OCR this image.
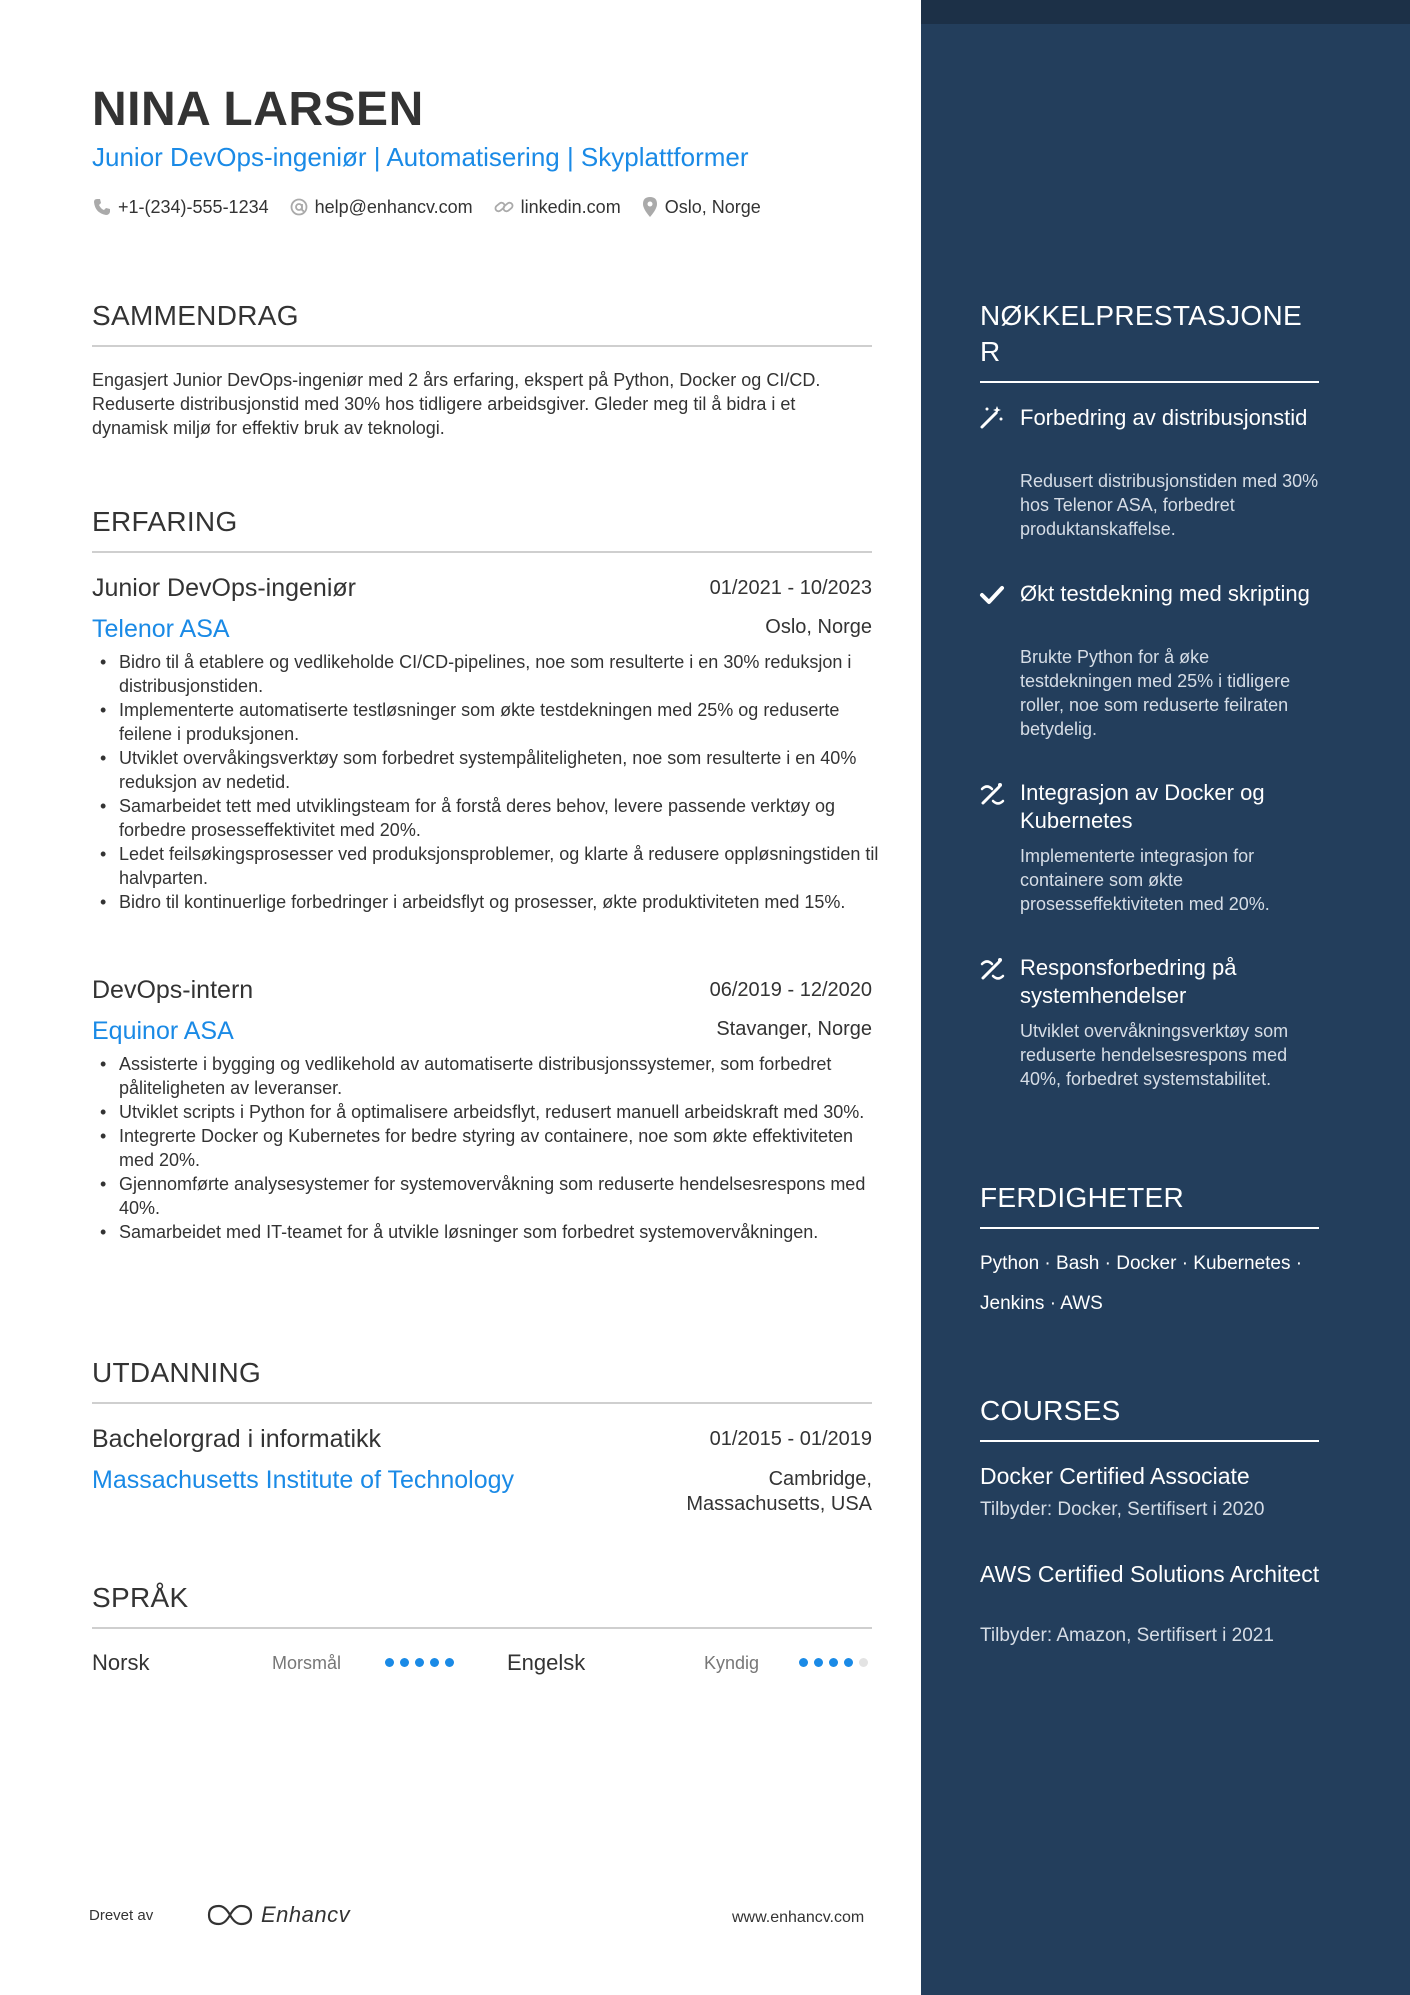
NINA LARSEN
Junior DevOps-ingeniør | Automatisering | Skyplattformer
+1-(234)-555-1234	help@enhancv.com	linkedin.com Oslo, Norge
SAMMENDRAG
Engasjert Junior DevOps-ingeniør med 2 års erfaring, ekspert på Python, Docker og CI/CD. Reduserte distribusjonstid med 30% hos tidligere arbeidsgiver. Gleder meg til å bidra i et dynamisk miljø for effektiv bruk av teknologi.
ERFARING
Junior DevOps-ingeniør	01/2021 - 10/2023
Telenor ASA	Oslo, Norge
• Bidro til å etablere og vedlikeholde CI/CD-pipelines, noe som resulterte i en 30% reduksjon i distribusjonstiden.
• Implementerte automatiserte testløsninger som økte testdekningen med 25% og reduserte feilene i produksjonen.
• Utviklet overvåkingsverktøy som forbedret systempåliteligheten, noe som resulterte i en 40% reduksjon av nedetid.
• Samarbeidet tett med utviklingsteam for å forstå deres behov, levere passende verktøy og forbedre prosesseffektivitet med 20%.
• Ledet feilsøkingsprosesser ved produksjonsproblemer, og klarte å redusere oppløsningstiden til halvparten.
• Bidro til kontinuerlige forbedringer i arbeidsflyt og prosesser, økte produktiviteten med 15%.
DevOps-intern	06/2019 - 12/2020
Equinor ASA	Stavanger, Norge
• Assisterte i bygging og vedlikehold av automatiserte distribusjonssystemer, som forbedret påliteligheten av leveranser.
• Utviklet scripts i Python for å optimalisere arbeidsflyt, redusert manuell arbeidskraft med 30%.
• Integrerte Docker og Kubernetes for bedre styring av containere, noe som økte effektiviteten med 20%.
• Gjennomførte analysesystemer for systemovervåkning som reduserte hendelsesrespons med 40%.
• Samarbeidet med IT-teamet for å utvikle løsninger som forbedret systemovervåkningen.
UTDANNING
Bachelorgrad i informatikk	01/2015 - 01/2019
Massachusetts Institute of Technology	Cambridge,
Massachusetts, USA
SPRÅK
Norsk	Morsmål	Engelsk	Kyndig
Drevet av	Enhancv	www.enhancv.com
NØKKELPRESTASJONE
R
Forbedring av distribusjonstid
Redusert distribusjonstiden med 30% hos Telenor ASA, forbedret produktanskaffelse.
Økt testdekning med skripting
Brukte Python for å øke testdekningen med 25% i tidligere roller, noe som reduserte feilraten betydelig.
Integrasjon av Docker og Kubernetes
Implementerte integrasjon for containere som økte prosesseffektiviteten med 20%.
Responsforbedring på systemhendelser
Utviklet overvåkningsverktøy som reduserte hendelsesrespons med 40%, forbedret systemstabilitet.
FERDIGHETER
Python · Bash · Docker · Kubernetes ·
Jenkins · AWS
COURSES
Docker Certified Associate
Tilbyder: Docker, Sertifisert i 2020
AWS Certified Solutions Architect
Tilbyder: Amazon, Sertifisert i 2021
